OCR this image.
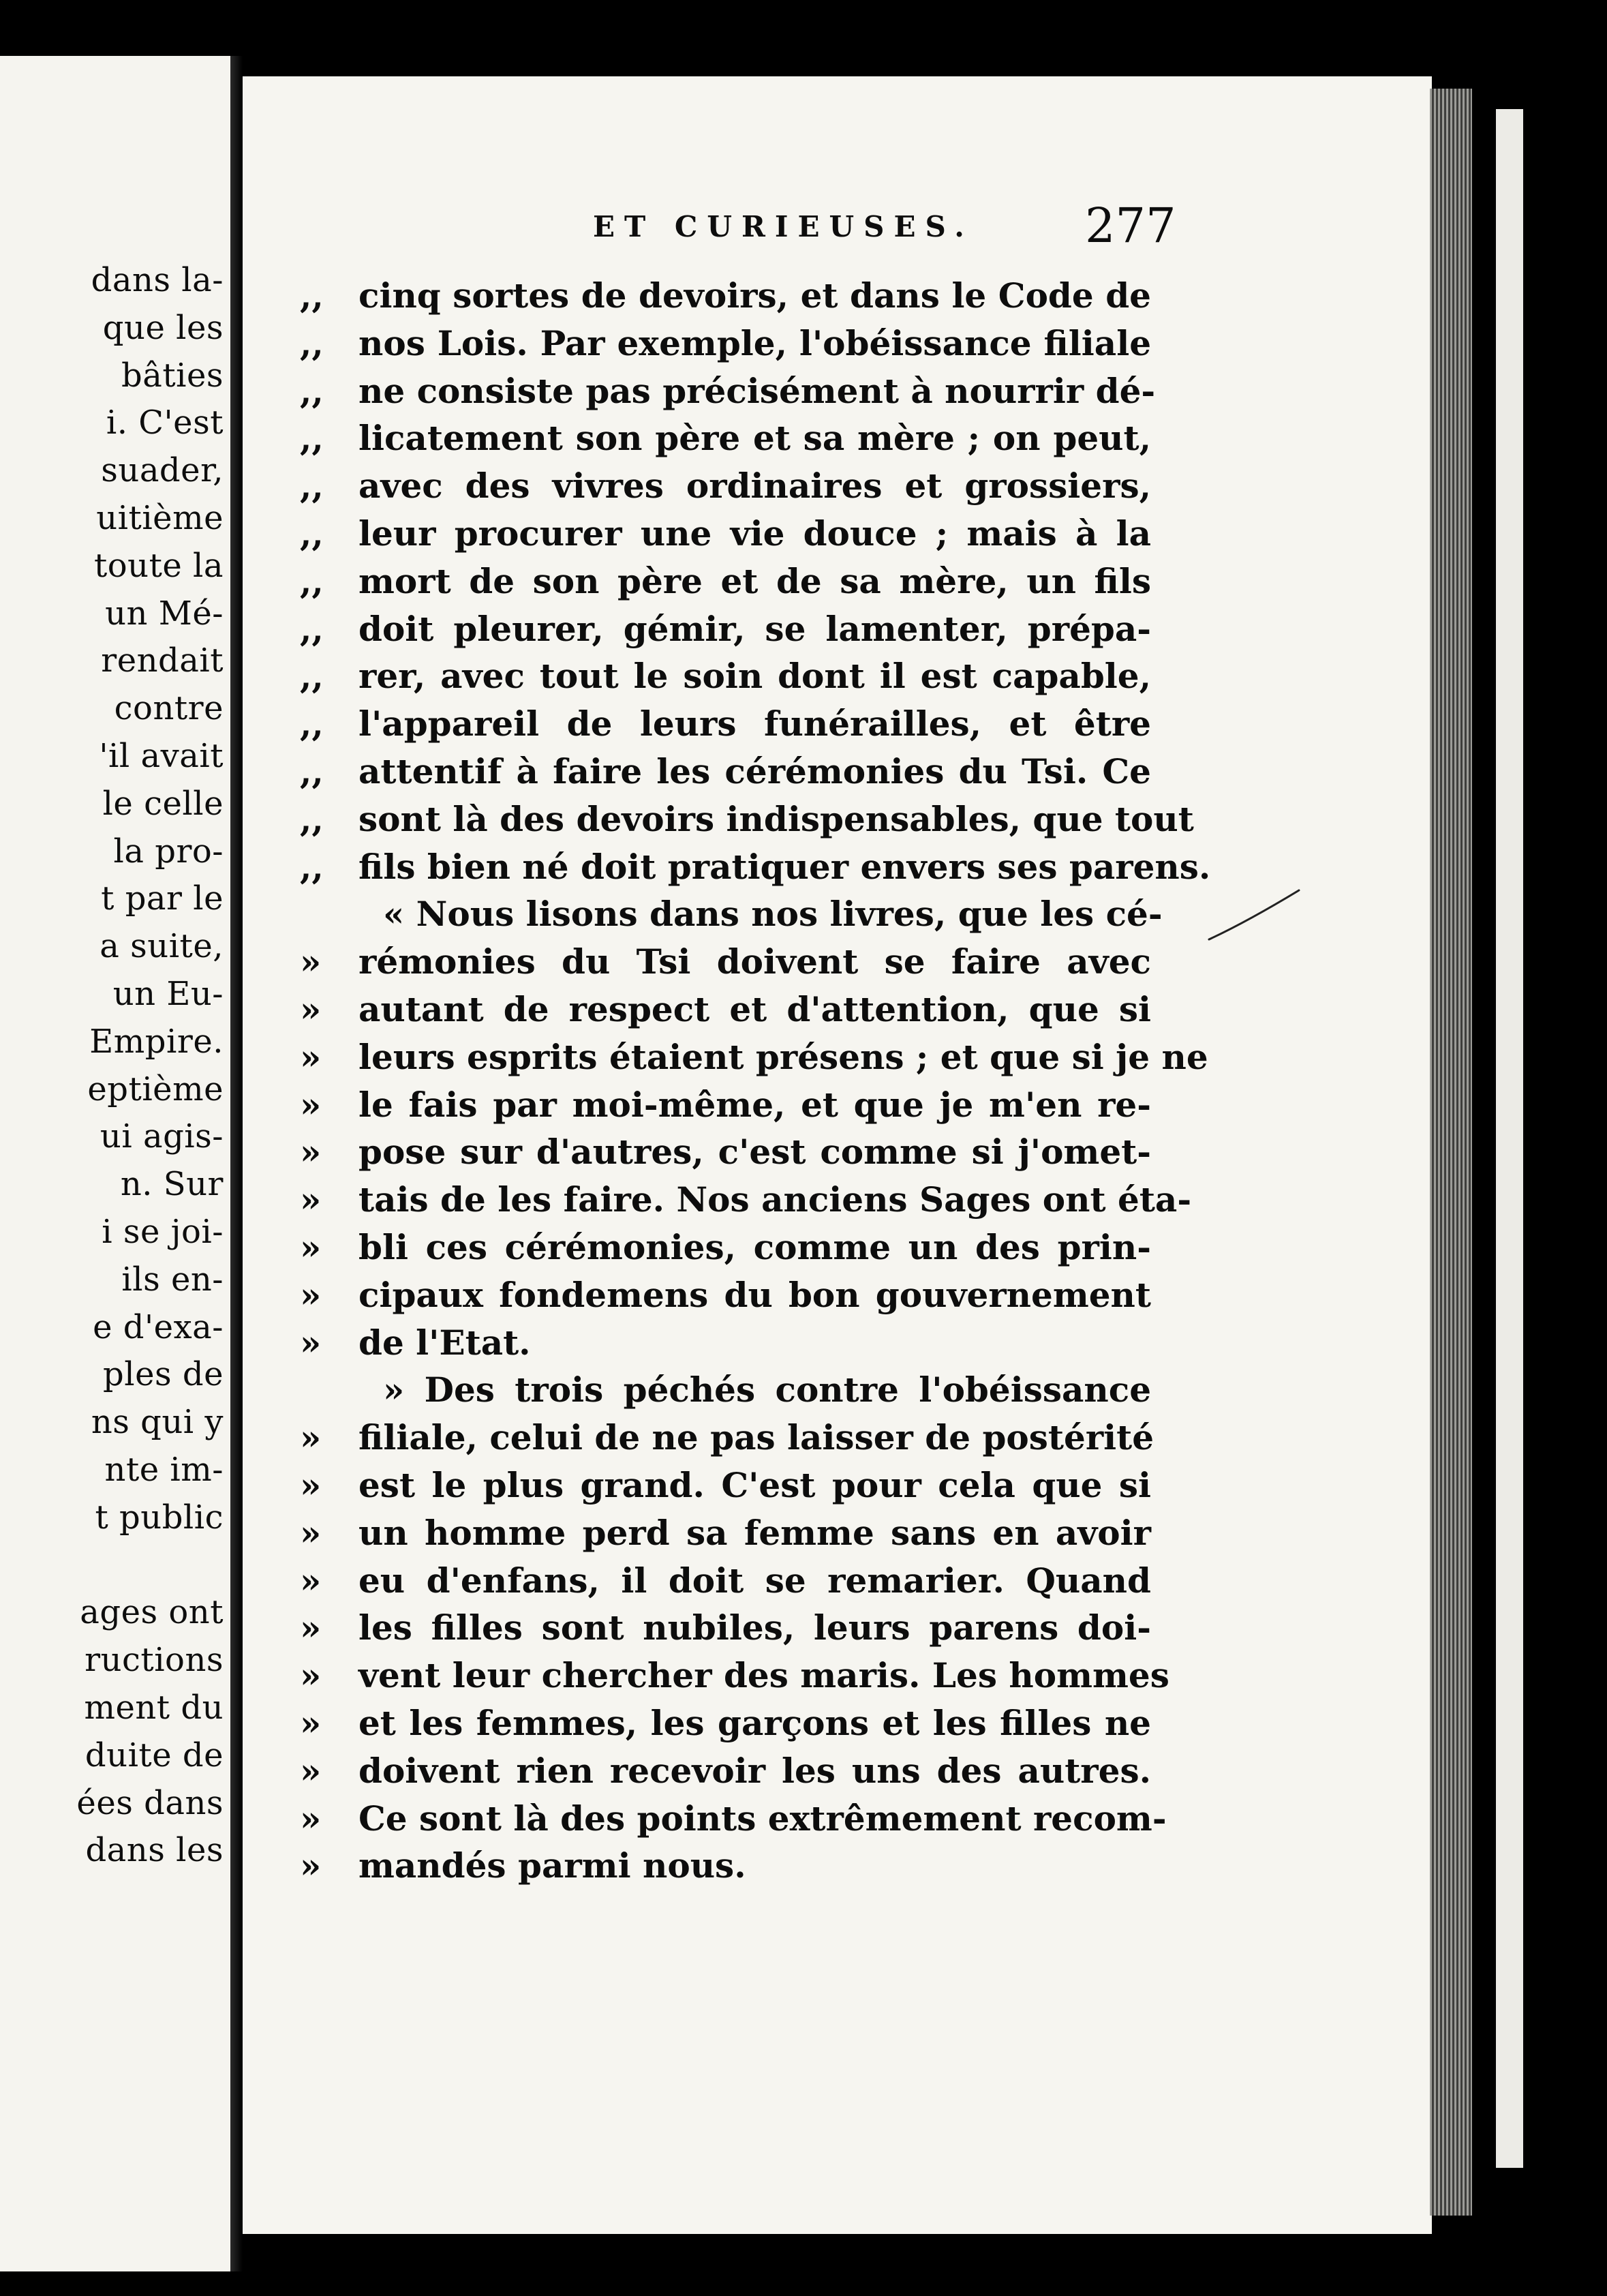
dans la-
que les
bâties
i. C'est
suader,
uitième
toute la
un Mé-
rendait
contre
'il avait
le celle
la pro-
t par le
a suite,
un Eu-
Empire.
eptième
ui agis-
n. Sur
i se joi-
ils en-
e d'exa-
ples de
ns qui y
nte im-
t public
ages ont
ructions
ment du
duite de
ées dans
dans les
ET CURIEUSES. 277
,,	cinq sortes de devoirs, et dans le Code de
,,	nos Lois. Par exemple, l'obéissance filiale
,,	ne consiste pas précisément à nourrir dé-
,,	licatement son père et sa mère ; on peut,
,,	avec des vivres ordinaires et grossiers,
,,	leur procurer une vie douce ; mais à la
,,	mort de son père et de sa mère, un fils
,,	doit pleurer, gémir, se lamenter, prépa-
,,	rer, avec tout le soin dont il est capable,
,,	l'appareil de leurs funérailles, et être
,,	attentif à faire les cérémonies du Tsi. Ce
,,	sont là des devoirs indispensables, que tout
,,	fils bien né doit pratiquer envers ses parens.
« Nous lisons dans nos livres, que les cé-
»	rémonies du Tsi doivent se faire avec
»	autant de respect et d'attention, que si
»	leurs esprits étaient présens ; et que si je ne
»	le fais par moi-même, et que je m'en re-
»	pose sur d'autres, c'est comme si j'omet-
»	tais de les faire. Nos anciens Sages ont éta-
»	bli ces cérémonies, comme un des prin-
»	cipaux fondemens du bon gouvernement
»	de l'Etat.
» Des trois péchés contre l'obéissance
»	filiale, celui de ne pas laisser de postérité
»	est le plus grand. C'est pour cela que si
»	un homme perd sa femme sans en avoir
»	eu d'enfans, il doit se remarier. Quand
»	les filles sont nubiles, leurs parens doi-
»	vent leur chercher des maris. Les hommes
»	et les femmes, les garçons et les filles ne
»	doivent rien recevoir les uns des autres.
»	Ce sont là des points extrêmement recom-
»	mandés parmi nous.
